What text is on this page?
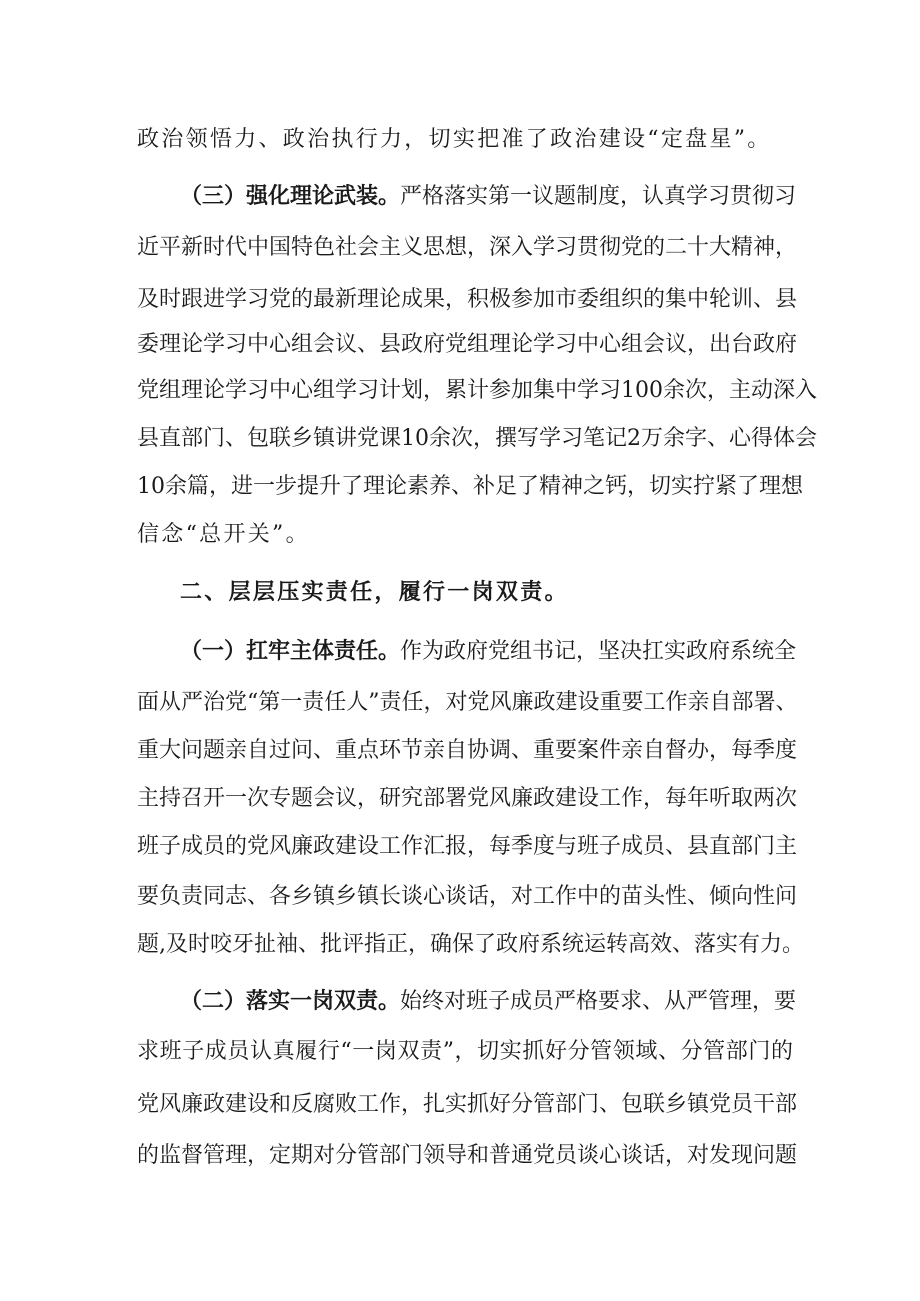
政治领悟力、政治执行力，切实把准了政治建设“定盘星”。
（三）强化理论武装。严格落实第一议题制度，认真学习贯彻习
近平新时代中国特色社会主义思想，深入学习贯彻党的二十大精神，
及时跟进学习党的最新理论成果，积极参加市委组织的集中轮训、县
委理论学习中心组会议、县政府党组理论学习中心组会议，出台政府
党组理论学习中心组学习计划，累计参加集中学习100余次，主动深入
县直部门、包联乡镇讲党课10余次，撰写学习笔记2万余字、心得体会
10余篇，进一步提升了理论素养、补足了精神之钙，切实拧紧了理想
信念“总开关”。
二、层层压实责任，履行一岗双责。
（一）扛牢主体责任。作为政府党组书记，坚决扛实政府系统全
面从严治党“第一责任人”责任，对党风廉政建设重要工作亲自部署、
重大问题亲自过问、重点环节亲自协调、重要案件亲自督办，每季度
主持召开一次专题会议，研究部署党风廉政建设工作，每年听取两次
班子成员的党风廉政建设工作汇报，每季度与班子成员、县直部门主
要负责同志、各乡镇乡镇长谈心谈话，对工作中的苗头性、倾向性问
题,及时咬牙扯袖、批评指正，确保了政府系统运转高效、落实有力。
（二）落实一岗双责。始终对班子成员严格要求、从严管理，要
求班子成员认真履行“一岗双责”，切实抓好分管领域、分管部门的
党风廉政建设和反腐败工作，扎实抓好分管部门、包联乡镇党员干部
的监督管理，定期对分管部门领导和普通党员谈心谈话，对发现问题
